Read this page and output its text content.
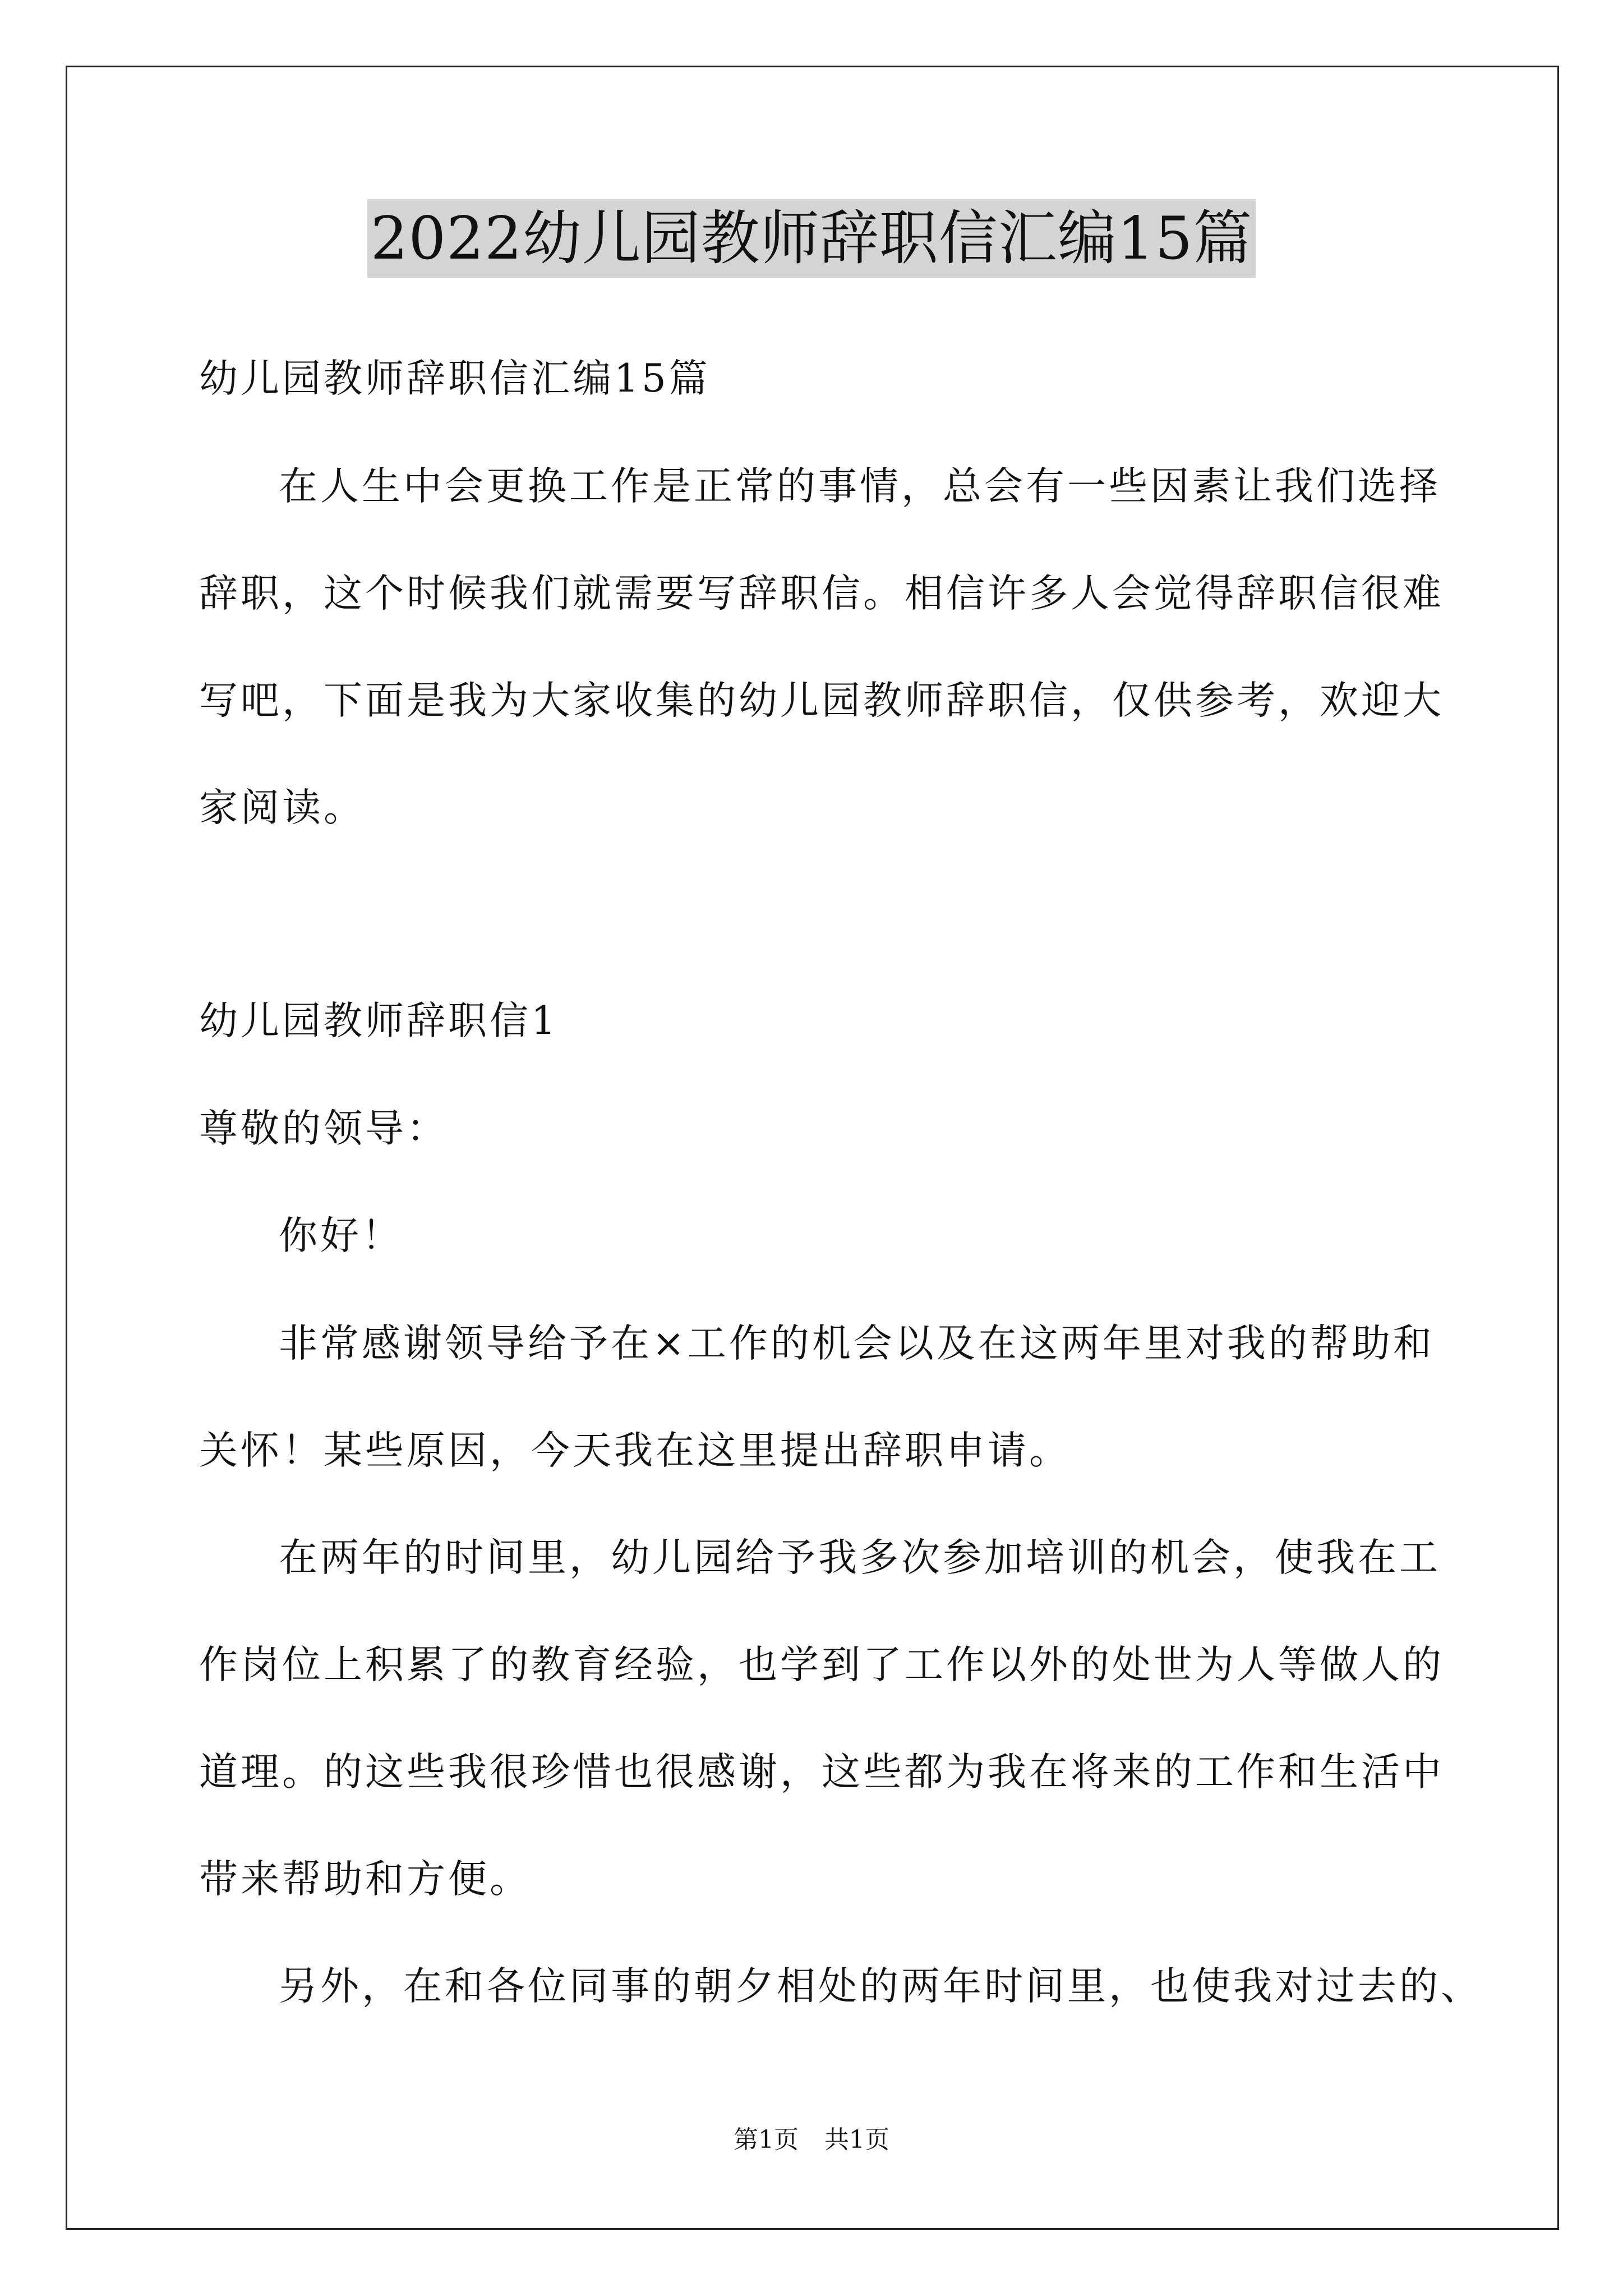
2022幼儿园教师辞职信汇编15篇
幼儿园教师辞职信汇编15篇
在人生中会更换工作是正常的事情，总会有一些因素让我们选择
辞职，这个时候我们就需要写辞职信。相信许多人会觉得辞职信很难
写吧，下面是我为大家收集的幼儿园教师辞职信，仅供参考，欢迎大
家阅读。
幼儿园教师辞职信1
尊敬的领导：
你好！
非常感谢领导给予在×工作的机会以及在这两年里对我的帮助和
关怀！某些原因，今天我在这里提出辞职申请。
在两年的时间里，幼儿园给予我多次参加培训的机会，使我在工
作岗位上积累了的教育经验，也学到了工作以外的处世为人等做人的
道理。的这些我很珍惜也很感谢，这些都为我在将来的工作和生活中
带来帮助和方便。
另外，在和各位同事的朝夕相处的两年时间里，也使我对过去的、
第1页 共1页
